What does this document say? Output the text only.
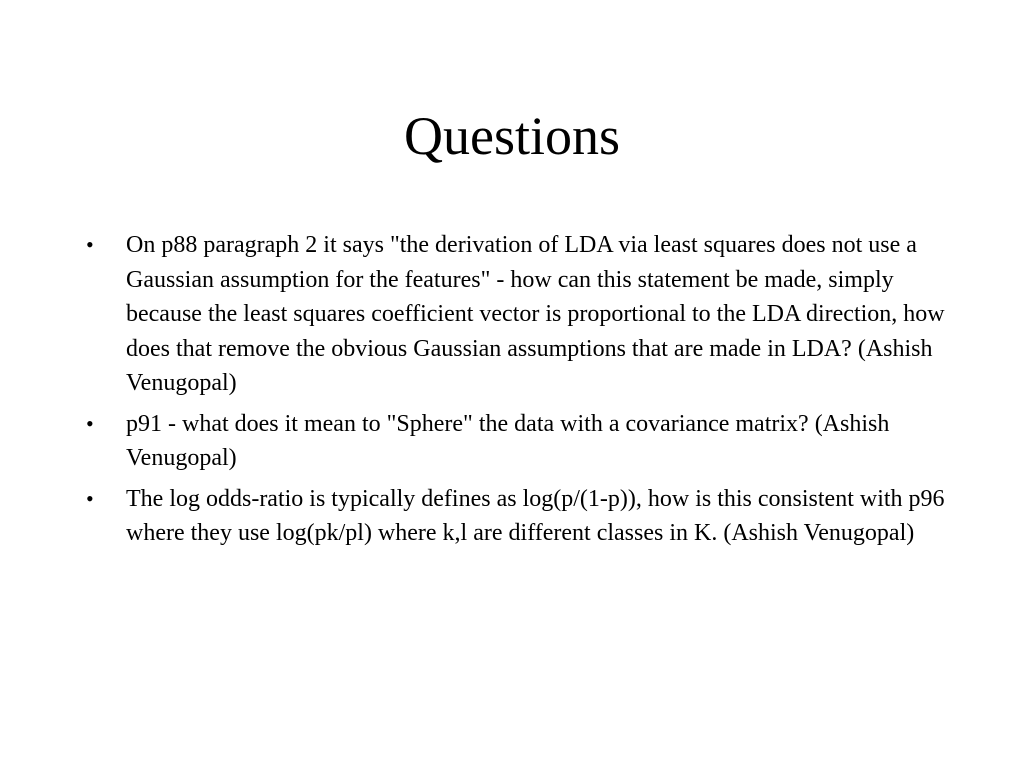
Questions
•	On p88 paragraph 2 it says "the derivation of LDA via least squares does not use a Gaussian assumption for the features" - how can this statement be made, simply because the least squares coefficient vector is proportional to the LDA direction, how does that remove the obvious Gaussian assumptions that are made in LDA? (Ashish Venugopal)
•	p91 - what does it mean to "Sphere" the data with a covariance matrix? (Ashish Venugopal)
•	The log odds-ratio is typically defines as log(p/(1-p)), how is this consistent with p96 where they use log(pk/pl) where k,l are different classes in K. (Ashish Venugopal)
